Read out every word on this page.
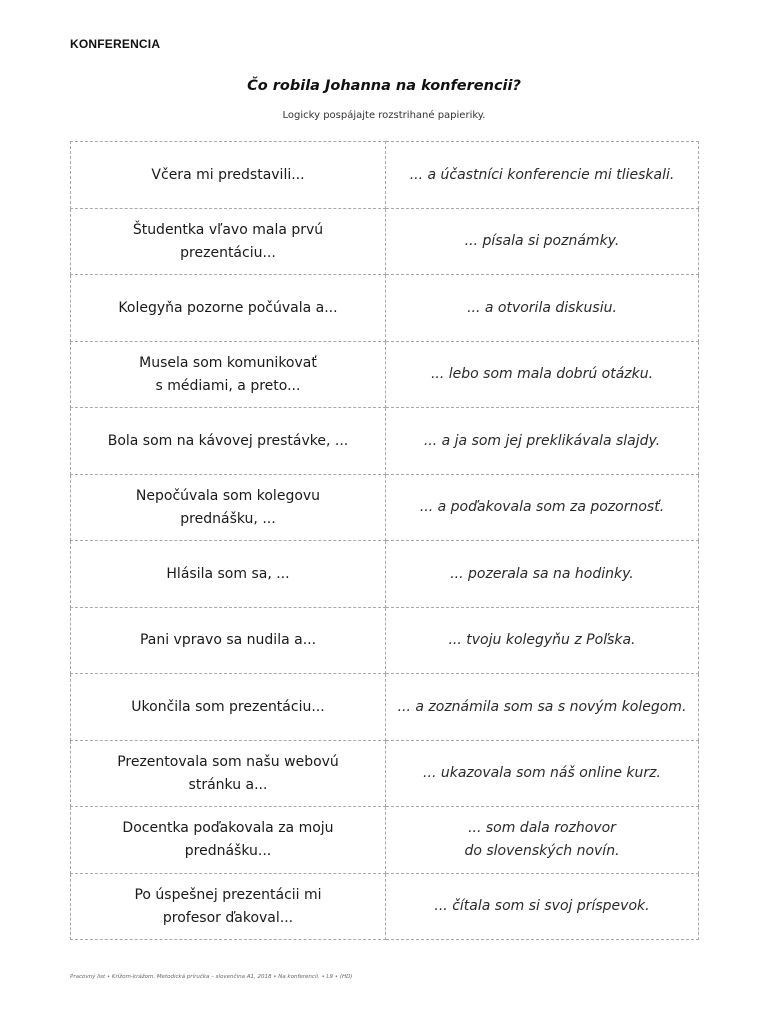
KONFERENCIA
Čo robila Johanna na konferencii?
Logicky pospájajte rozstrihané papieriky.
Včera mi predstavili...	... a účastníci konferencie mi tlieskali.

Študentka vľavo mala prvú
prezentáciu...	... písala si poznámky.

Kolegyňa pozorne počúvala a...	... a otvorila diskusiu.

Musela som komunikovať
s médiami, a preto...	... lebo som mala dobrú otázku.

Bola som na kávovej prestávke, ...	... a ja som jej preklikávala slajdy.

Nepočúvala som kolegovu
prednášku, ...	... a poďakovala som za pozornosť.

Hlásila som sa, ...	... pozerala sa na hodinky.

Pani vpravo sa nudila a...	... tvoju kolegyňu z Poľska.

Ukončila som prezentáciu...	... a zoznámila som sa s novým kolegom.

Prezentovala som našu webovú
stránku a...	... ukazovala som náš online kurz.

Docentka poďakovala za moju
prednášku...	... som dala rozhovor
do slovenských novín.

Po úspešnej prezentácii mi
profesor ďakoval...	... čítala som si svoj príspevok.
Pracovný list • Krížom-krážom. Metodická príručka – slovenčina A1, 2018 • Na konferencii. • L9 • (HD)
